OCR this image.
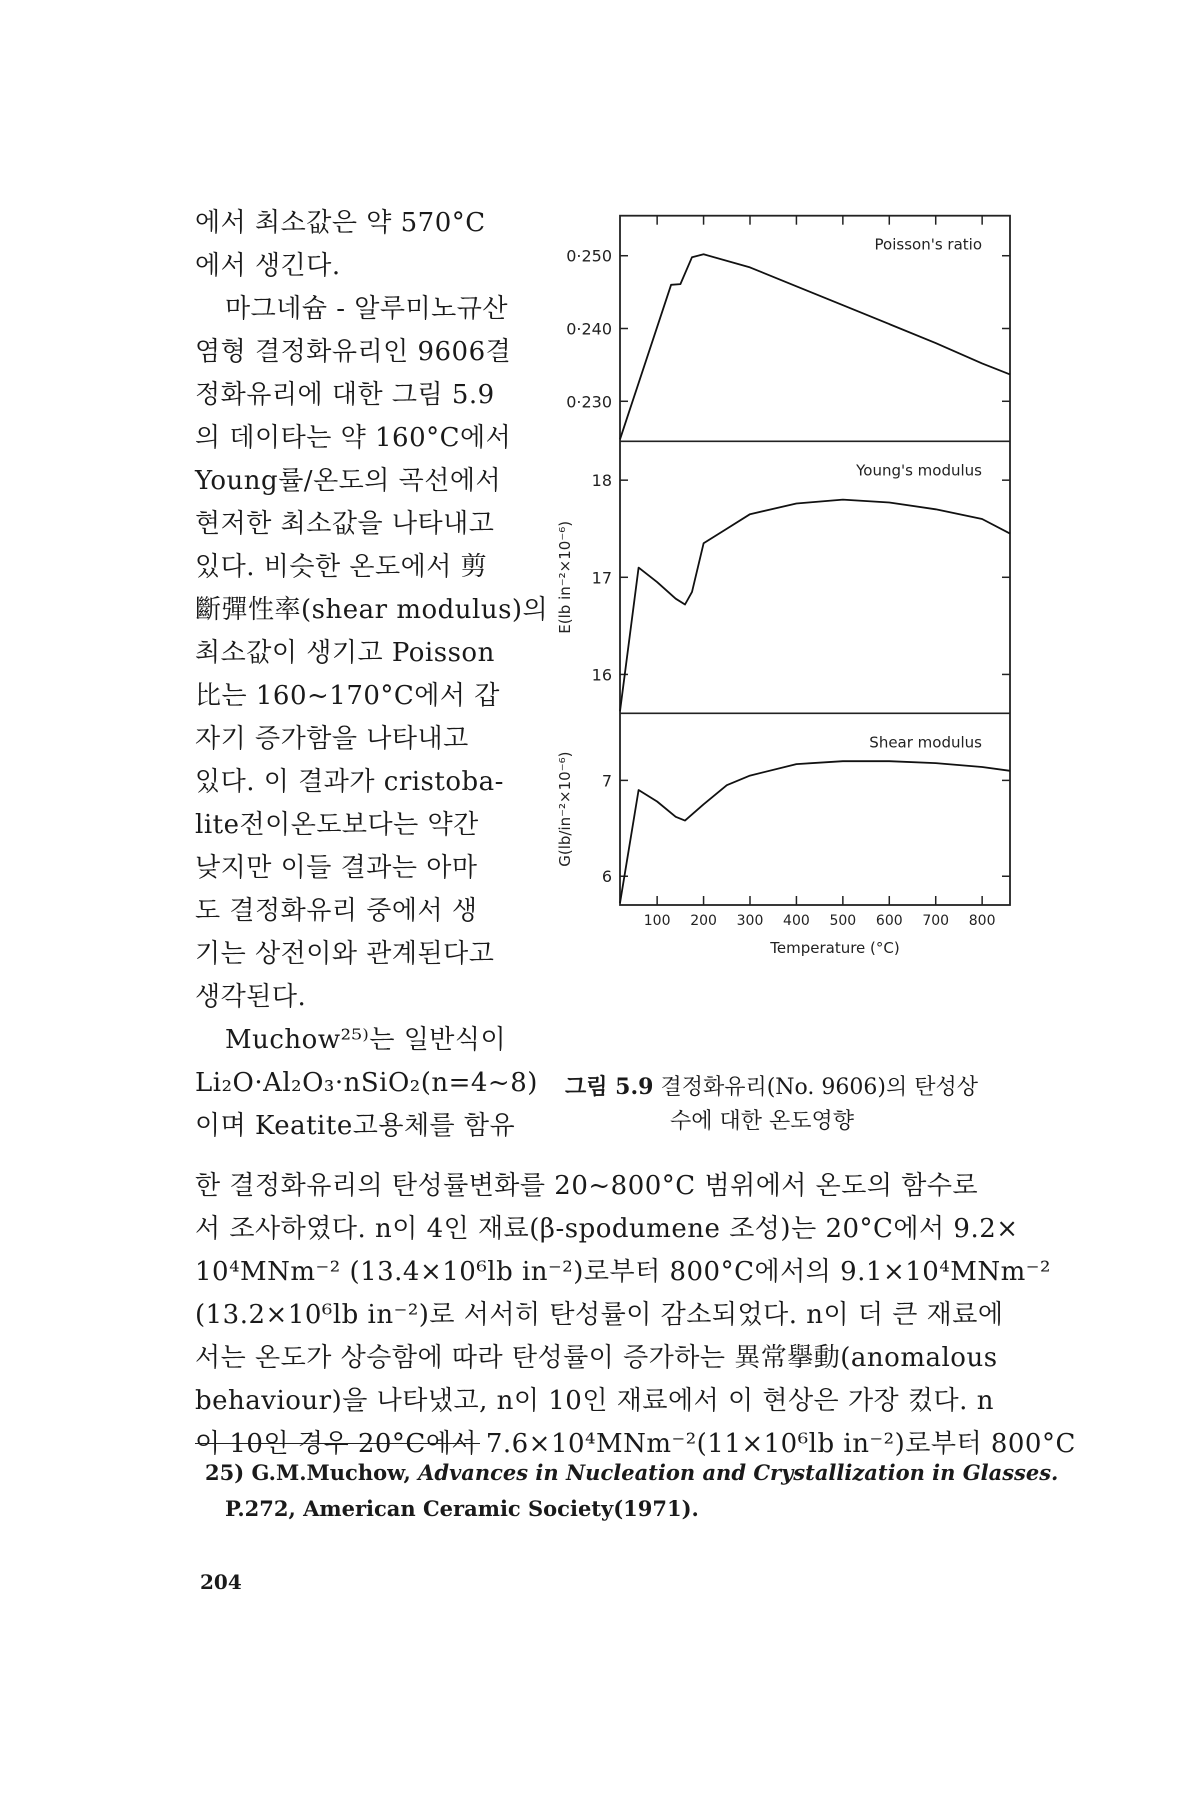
에서 최소값은 약 570°C
에서 생긴다.
마그네슘 - 알루미노규산
염형 결정화유리인 9606결
정화유리에 대한 그림 5.9
의 데이타는 약 160°C에서
Young률/온도의 곡선에서
현저한 최소값을 나타내고
있다. 비슷한 온도에서 剪
斷彈性率(shear modulus)의
최소값이 생기고 Poisson
比는 160~170°C에서 갑
자기 증가함을 나타내고
있다. 이 결과가 cristoba-
lite전이온도보다는 약간
낮지만 이들 결과는 아마
도 결정화유리 중에서 생
기는 상전이와 관계된다고
생각된다.
Muchow²⁵⁾는 일반식이
Li₂O·Al₂O₃·nSiO₂(n=4~8)
이며 Keatite고용체를 함유
0·250
0·240
0·230
Poisson's ratio
18
17
16
Young's modulus
E(lb in⁻²×10⁻⁶)
7
6
Shear modulus
G(lb/in⁻²×10⁻⁶)
100 200 300 400 500 600 700 800
Temperature (°C)
그림 5.9 결정화유리(No. 9606)의 탄성상
수에 대한 온도영향
한 결정화유리의 탄성률변화를 20~800°C 범위에서 온도의 함수로
서 조사하였다. n이 4인 재료(β-spodumene 조성)는 20°C에서 9.2×
10⁴MNm⁻² (13.4×10⁶lb in⁻²)로부터 800°C에서의 9.1×10⁴MNm⁻²
(13.2×10⁶lb in⁻²)로 서서히 탄성률이 감소되었다. n이 더 큰 재료에
서는 온도가 상승함에 따라 탄성률이 증가하는 異常擧動(anomalous
behaviour)을 나타냈고, n이 10인 재료에서 이 현상은 가장 컸다. n
이 10인 경우 20°C에서 7.6×10⁴MNm⁻²(11×10⁶lb in⁻²)로부터 800°C
25) G.M.Muchow, Advances in Nucleation and Crystallization in Glasses.
P.272, American Ceramic Society(1971).
204
